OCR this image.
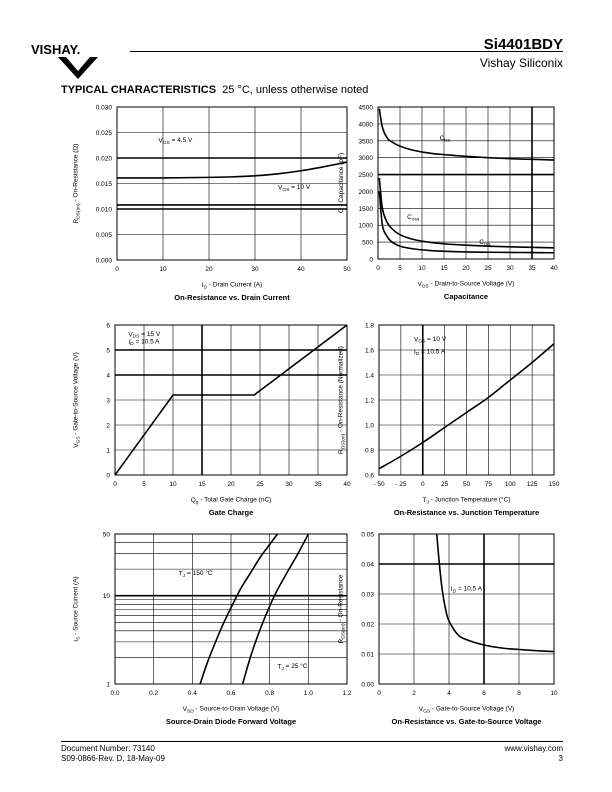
VISHAY.	Si4401BDY
Vishay Siliconix
TYPICAL CHARACTERISTICS 25 °C, unless otherwise noted
0	10	20	30	40	50
0.000
0.005
0.010
0.015
0.020
0.025
0.030
$I_D$ - Drain Current (A)
$R_{DS(on)}$ - On-Resistance (Ω)
On-Resistance vs. Drain Current
$V_{GS} = 4.5$ V
$V_{GS} = 10$ V
0	5	10 15 20 25 30 35 40
0
500
1000
1500
2000
2500
3000
3500
4000
4500
$V_{DS}$ - Drain-to-Source Voltage (V)
C - Capacitance (pF)
Capacitance
$C_{iss}$
$C_{oss}$
$C_{rss}$
0	5	10	15	20	25	30	35	40
0
1
2
3
4
5
6
$Q_g$ - Total Gate Charge (nC)
$V_{GS}$ - Gate-to-Source Voltage (V)
Gate Charge
$V_{DS} = 15$ V
$I_D = 10.5$ A
- 50 - 25 0	25 50 75 100 125 150
0.6
0.8
1.0
1.2
1.4
1.6
1.8
$T_J$ - Junction Temperature (°C)
$R_{DS(on)}$ - On-Resistance (Normalized)
On-Resistance vs. Junction Temperature
$V_{GS} = 10$ V
$I_D = 10.5$ A
0.0	0.2	0.4	0.6	0.8	1.0	1.2
1
10
50
$V_{SD}$ - Source-to-Drain Voltage (V)
$I_S$ - Source Current (A)
Source-Drain Diode Forward Voltage
$T_J = 150$ °C
$T_J = 25$ °C
0	2	4	6	8	10
0.00
0.01
0.02
0.03
0.04
0.05
$V_{GS}$ - Gate-to-Source Voltage (V)
$R_{DS(on)}$ - On-Resistance
On-Resistance vs. Gate-to-Source Voltage
$I_D = 10.5$ A
Document Number: 73140
S09-0866-Rev. D, 18-May-09
www.vishay.com
3
